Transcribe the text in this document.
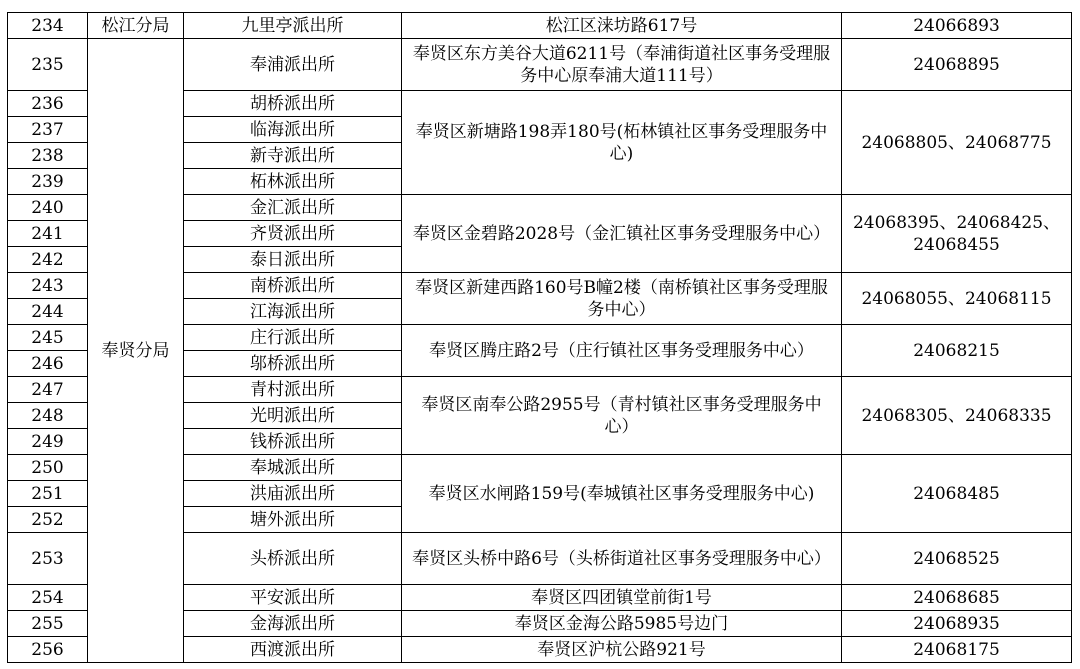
234	松江分局	九里亭派出所	松江区涞坊路617号	24066893
235	奉贤分局	奉浦派出所	奉贤区东方美谷大道6211号（奉浦街道社区事务受理服务中心原奉浦大道111号）	24068895
236		胡桥派出所	奉贤区新塘路198弄180号(柘林镇社区事务受理服务中心)	24068805、24068775
237		临海派出所		
238		新寺派出所		
239		柘林派出所		
240		金汇派出所	奉贤区金碧路2028号（金汇镇社区事务受理服务中心）	24068395、24068425、24068455
241		齐贤派出所		
242		泰日派出所		
243		南桥派出所	奉贤区新建西路160号B幢2楼（南桥镇社区事务受理服务中心）	24068055、24068115
244		江海派出所		
245		庄行派出所	奉贤区腾庄路2号（庄行镇社区事务受理服务中心）	24068215
246		邬桥派出所		
247		青村派出所	奉贤区南奉公路2955号（青村镇社区事务受理服务中心）	24068305、24068335
248		光明派出所		
249		钱桥派出所		
250		奉城派出所	奉贤区水闸路159号(奉城镇社区事务受理服务中心)	24068485
251		洪庙派出所		
252		塘外派出所		
253		头桥派出所	奉贤区头桥中路6号（头桥街道社区事务受理服务中心）	24068525
254		平安派出所	奉贤区四团镇堂前街1号	24068685
255		金海派出所	奉贤区金海公路5985号边门	24068935
256		西渡派出所	奉贤区沪杭公路921号	24068175
